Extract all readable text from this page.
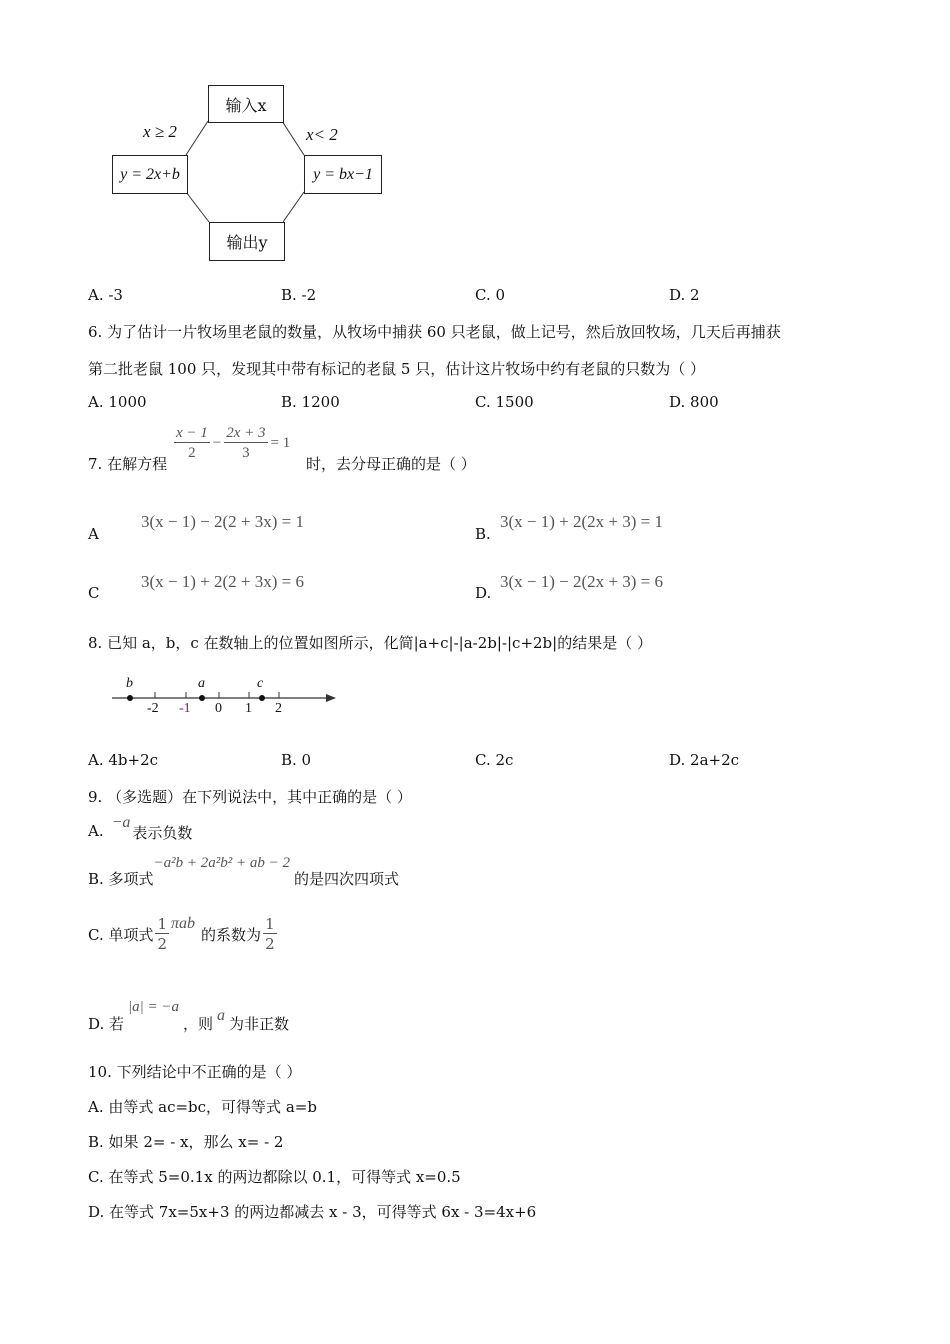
输入x
x ≥ 2	x< 2
y = 2x+b	y = bx−1
输出y
A. -3	B. -2	C. 0	D. 2
6. 为了估计一片牧场里老鼠的数量，从牧场中捕获 60 只老鼠，做上记号，然后放回牧场，几天后再捕获
第二批老鼠 100 只，发现其中带有标记的老鼠 5 只，估计这片牧场中约有老鼠的只数为（ ）
A. 1000	B. 1200	C. 1500	D. 800
7. 在解方程
$\frac{x - 1}{2} - \frac{2x + 3}{3} = 1$
时，去分母正确的是（ ）
A
3(x − 1) − 2(2 + 3x) = 1
B.
3(x − 1) + 2(2x + 3) = 1
C
3(x − 1) + 2(2 + 3x) = 6
D.
3(x − 1) − 2(2x + 3) = 6
8. 已知 a，b，c 在数轴上的位置如图所示，化简|a+c|-|a-2b|-|c+2b|的结果是（ ）
b	a	c
-2 -1 0 1 2
A. 4b+2c	B. 0	C. 2c	D. 2a+2c
9. （多选题）在下列说法中，其中正确的是（ ）
A. −a
表示负数
B. 多项式
−a²b + 2a²b² + ab − 2
的是四次四项式
C. 单项式 $\frac{1}{2}$ πab
的系数为 $\frac{1}{2}$
D. 若
|a| = −a
，则 a 为非正数
10. 下列结论中不正确的是（ ）
A. 由等式 ac=bc，可得等式 a=b
B. 如果 2= - x，那么 x= - 2
C. 在等式 5=0.1x 的两边都除以 0.1，可得等式 x=0.5
D. 在等式 7x=5x+3 的两边都减去 x - 3，可得等式 6x - 3=4x+6
